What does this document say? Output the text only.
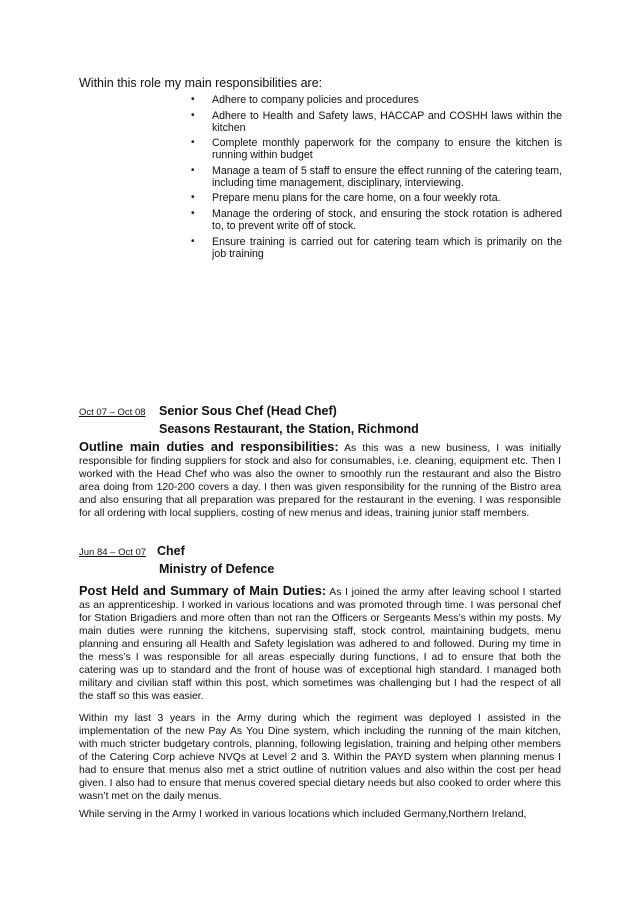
Within this role my main responsibilities are:
• Adhere to company policies and procedures
• Adhere to Health and Safety laws, HACCAP and COSHH laws within the kitchen
• Complete monthly paperwork for the company to ensure the kitchen is running within budget
• Manage a team of 5 staff to ensure the effect running of the catering team, including time management, disciplinary, interviewing.
• Prepare menu plans for the care home, on a four weekly rota.
• Manage the ordering of stock, and ensuring the stock rotation is adhered to, to prevent write off of stock.
• Ensure training is carried out for catering team which is primarily on the job training
Oct 07 – Oct 08 Senior Sous Chef (Head Chef)
Seasons Restaurant, the Station, Richmond

Outline main duties and responsibilities: As this was a new business, I was initially responsible for finding suppliers for stock and also for consumables, i.e. cleaning, equipment etc. Then I worked with the Head Chef who was also the owner to smoothly run the restaurant and also the Bistro area doing from 120-200 covers a day. I then was given responsibility for the running of the Bistro area and also ensuring that all preparation was prepared for the restaurant in the evening. I was responsible for all ordering with local suppliers, costing of new menus and ideas, training junior staff members.

Jun 84 – Oct 07 Chef
Ministry of Defence

Post Held and Summary of Main Duties: As I joined the army after leaving school I started as an apprenticeship. I worked in various locations and was promoted through time. I was personal chef for Station Brigadiers and more often than not ran the Officers or Sergeants Mess’s within my posts. My main duties were running the kitchens, supervising staff, stock control, maintaining budgets, menu planning and ensuring all Health and Safety legislation was adhered to and followed. During my time in the mess’s I was responsible for all areas especially during functions, I ad to ensure that both the catering was up to standard and the front of house was of exceptional high standard. I managed both military and civilian staff within this post, which sometimes was challenging but I had the respect of all the staff so this was easier.

Within my last 3 years in the Army during which the regiment was deployed I assisted in the implementation of the new Pay As You Dine system, which including the running of the main kitchen, with much stricter budgetary controls, planning, following legislation, training and helping other members of the Catering Corp achieve NVQs at Level 2 and 3. Within the PAYD system when planning menus I had to ensure that menus also met a strict outline of nutrition values and also within the cost per head given. I also had to ensure that menus covered special dietary needs but also cooked to order where this wasn’t met on the daily menus.

While serving in the Army I worked in various locations which included Germany,Northern Ireland,
